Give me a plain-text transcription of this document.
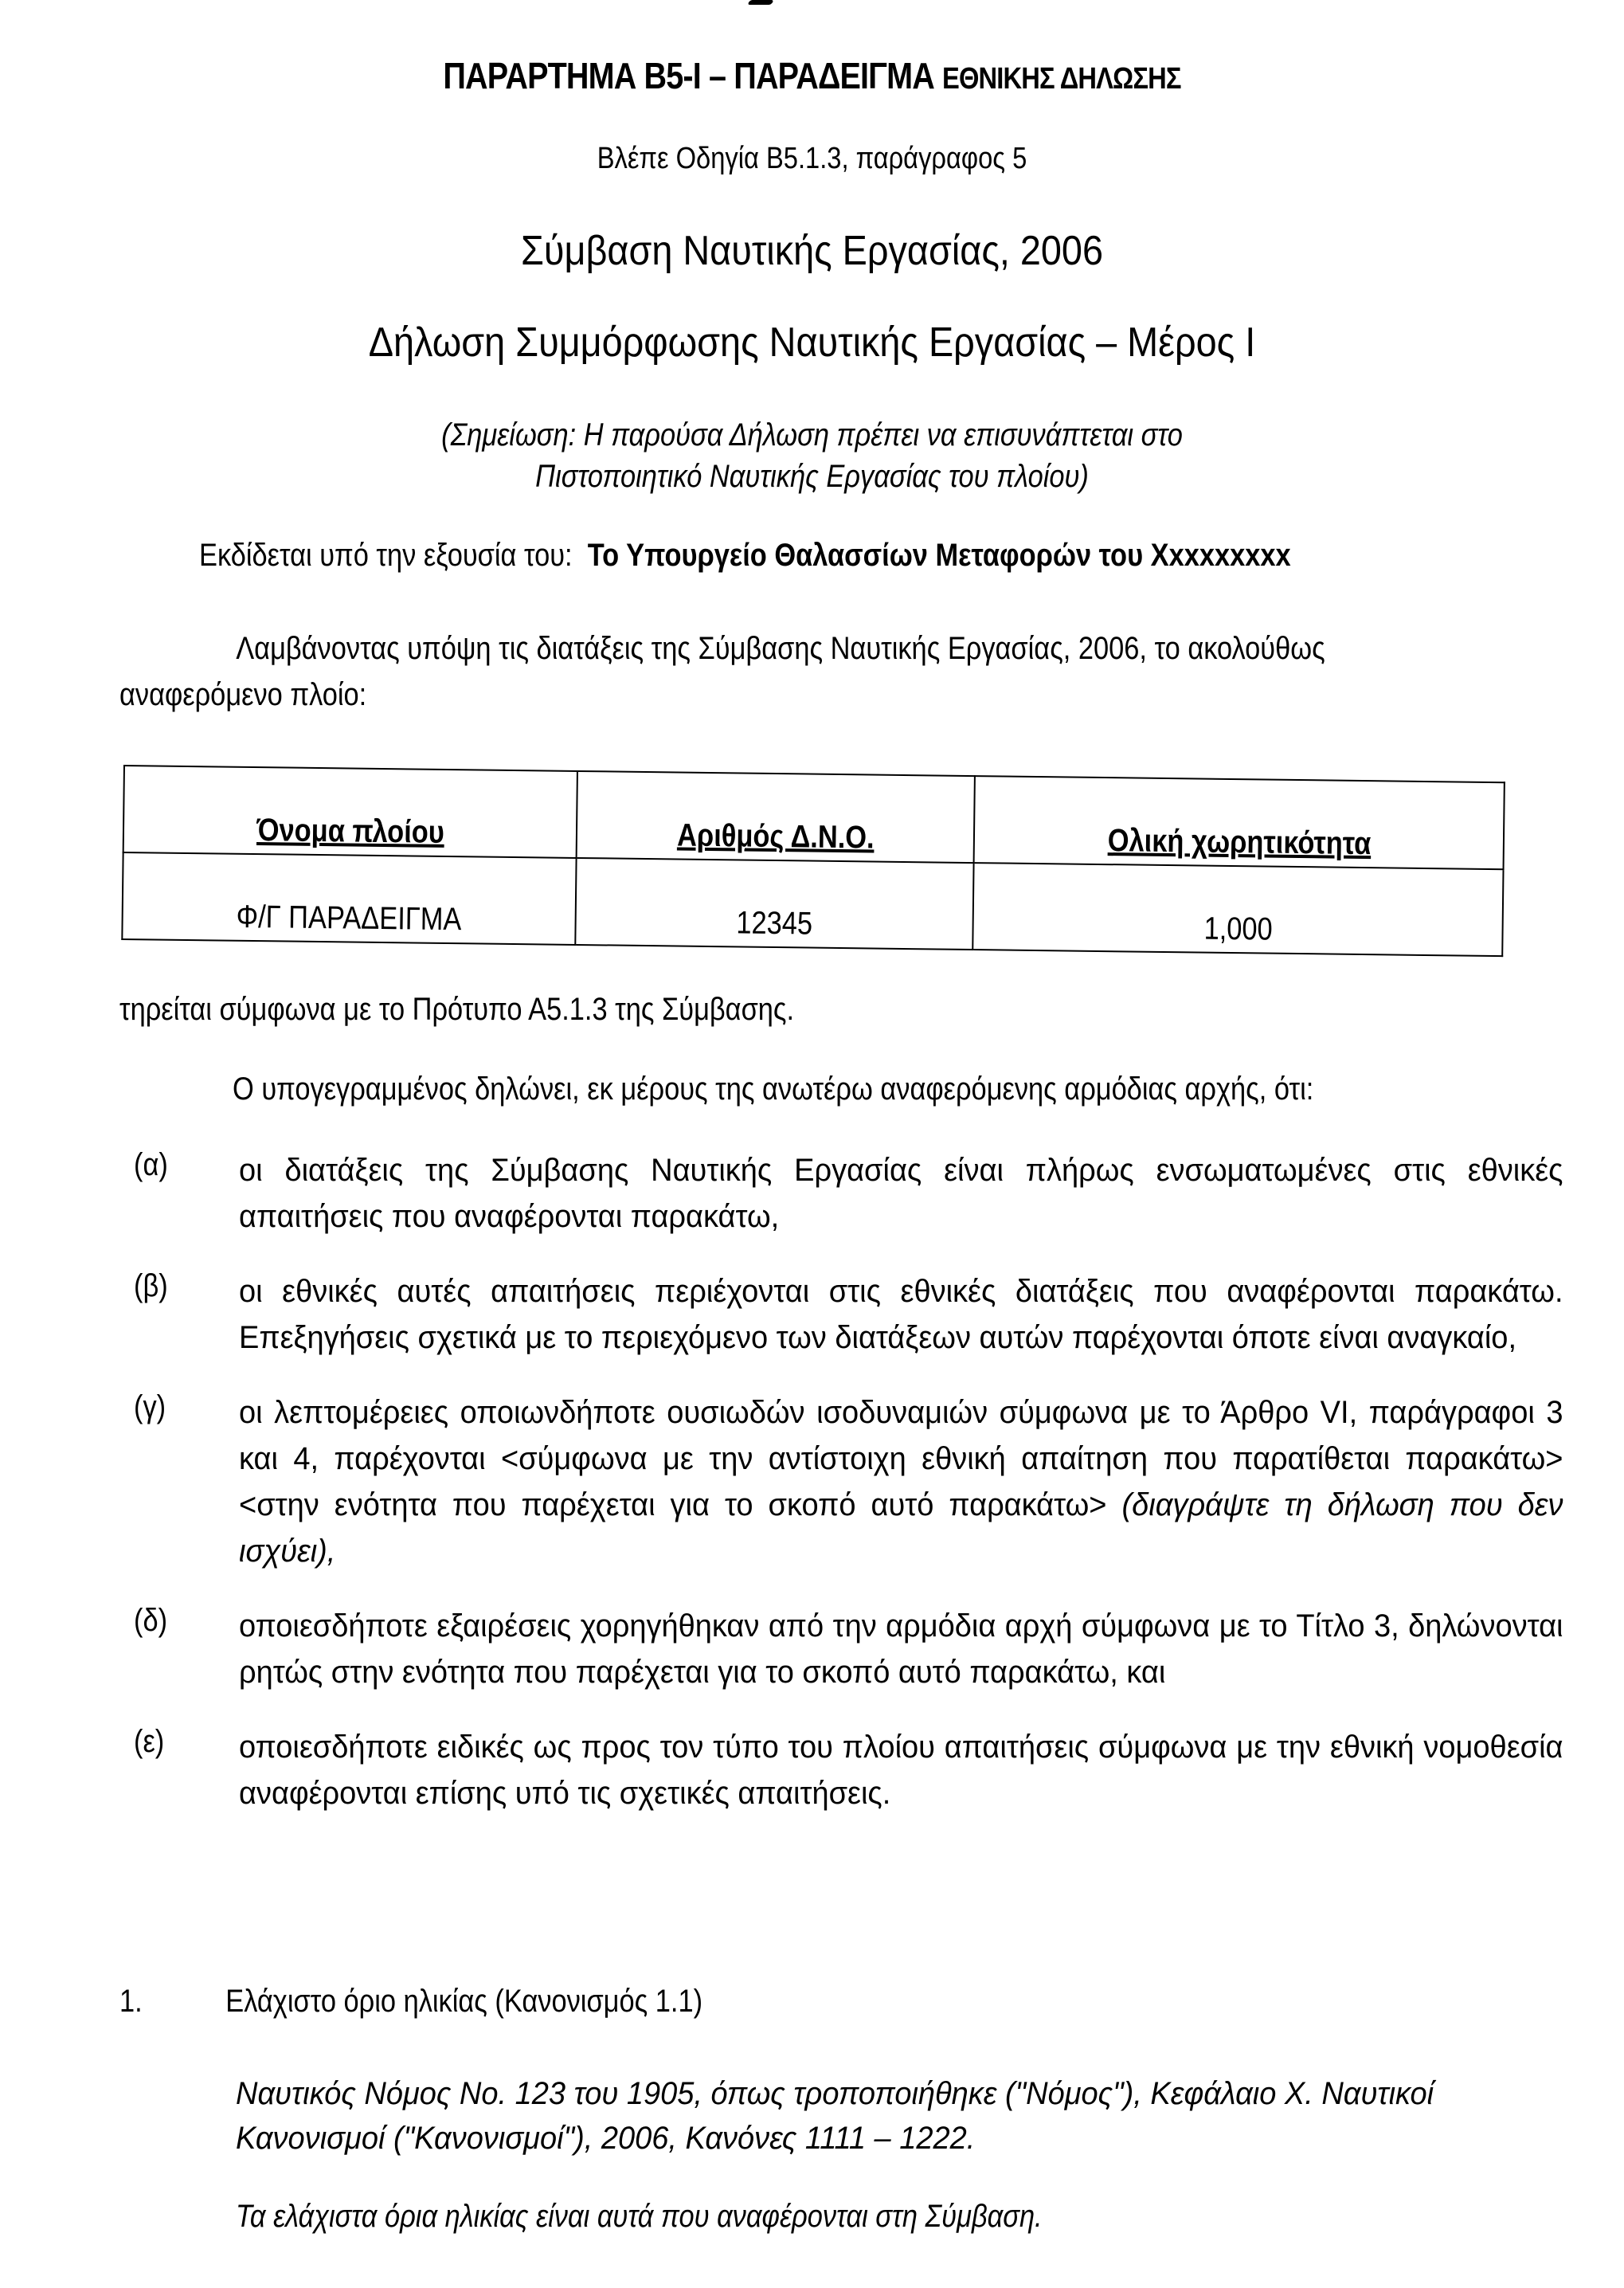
ΠΑΡΑΡΤΗΜΑ Β5-Ι – ΠΑΡΑΔΕΙΓΜΑ ΕΘΝΙΚΗΣ ΔΗΛΩΣΗΣ
Βλέπε Οδηγία Β5.1.3, παράγραφος 5
Σύμβαση Ναυτικής Εργασίας, 2006
Δήλωση Συμμόρφωσης Ναυτικής Εργασίας – Μέρος Ι
(Σημείωση: Η παρούσα Δήλωση πρέπει να επισυνάπτεται στο
Πιστοποιητικό Ναυτικής Εργασίας του πλοίου)
Εκδίδεται υπό την εξουσία του: Το Υπουργείο Θαλασσίων Μεταφορών του Χxxxxxxxx
Λαμβάνοντας υπόψη τις διατάξεις της Σύμβασης Ναυτικής Εργασίας, 2006, το ακολούθως
αναφερόμενο πλοίο:
Όνομα πλοίου	Αριθμός Δ.Ν.Ο.	Ολική χωρητικότητα
Φ/Γ ΠΑΡΑΔΕΙΓΜΑ	12345	1,000
τηρείται σύμφωνα με το Πρότυπο Α5.1.3 της Σύμβασης.
Ο υπογεγραμμένος δηλώνει, εκ μέρους της ανωτέρω αναφερόμενης αρμόδιας αρχής, ότι:
(α) οι διατάξεις της Σύμβασης Ναυτικής Εργασίας είναι πλήρως ενσωματωμένες στις εθνικές απαιτήσεις που αναφέρονται παρακάτω,
(β) οι εθνικές αυτές απαιτήσεις περιέχονται στις εθνικές διατάξεις που αναφέρονται παρακάτω. Επεξηγήσεις σχετικά με το περιεχόμενο των διατάξεων αυτών παρέχονται όποτε είναι αναγκαίο,
(γ) οι λεπτομέρειες οποιωνδήποτε ουσιωδών ισοδυναμιών σύμφωνα με το Άρθρο VI, παράγραφοι 3 και 4, παρέχονται <σύμφωνα με την αντίστοιχη εθνική απαίτηση που παρατίθεται παρακάτω> <στην ενότητα που παρέχεται για το σκοπό αυτό παρακάτω> (διαγράψτε τη δήλωση που δεν ισχύει),
(δ) οποιεσδήποτε εξαιρέσεις χορηγήθηκαν από την αρμόδια αρχή σύμφωνα με το Τίτλο 3, δηλώνονται ρητώς στην ενότητα που παρέχεται για το σκοπό αυτό παρακάτω, και
(ε) οποιεσδήποτε ειδικές ως προς τον τύπο του πλοίου απαιτήσεις σύμφωνα με την εθνική νομοθεσία αναφέρονται επίσης υπό τις σχετικές απαιτήσεις.
1.	Ελάχιστο όριο ηλικίας (Κανονισμός 1.1)
Ναυτικός Νόμος Νο. 123 του 1905, όπως τροποποιήθηκε ("Νόμος"), Κεφάλαιο Χ. Ναυτικοί Κανονισμοί ("Κανονισμοί"), 2006, Κανόνες 1111 – 1222.
Τα ελάχιστα όρια ηλικίας είναι αυτά που αναφέρονται στη Σύμβαση.
